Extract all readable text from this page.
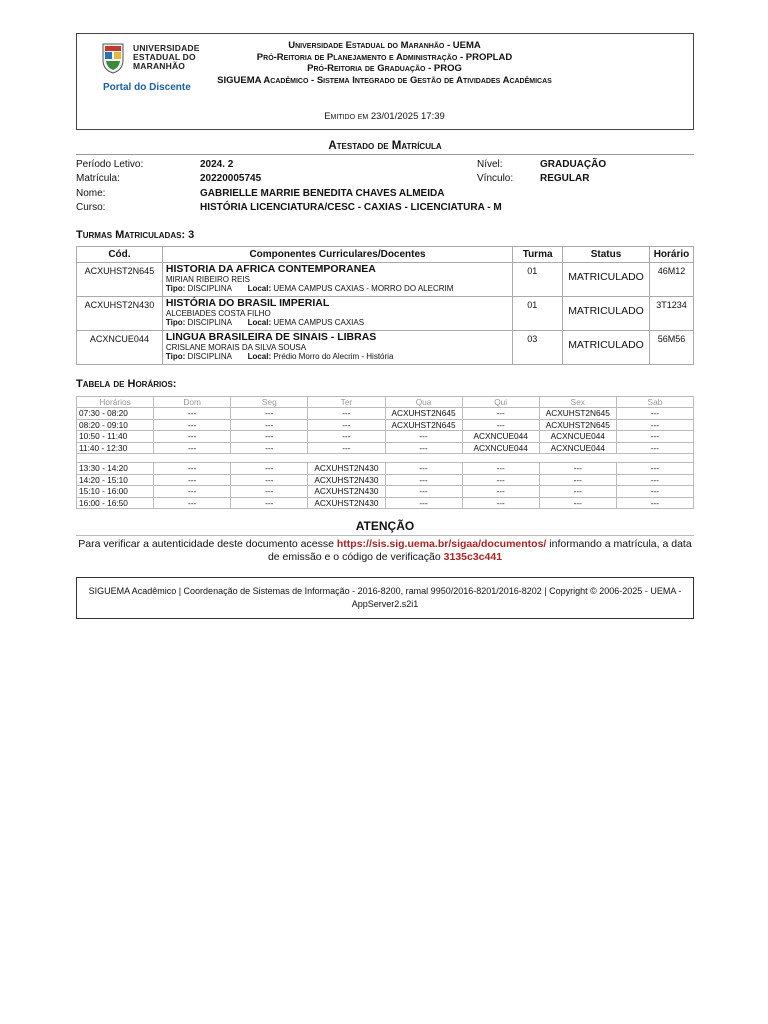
UNIVERSIDADE
ESTADUAL DO
MARANHÃO
Portal do Discente
Universidade Estadual do Maranhão - UEMA
Pró-Reitoria de Planejamento e Administração - PROPLAD
Pró-Reitoria de Graduação - PROG
SIGUEMA Acadêmico - Sistema Integrado de Gestão de Atividades Acadêmicas
Emitido em 23/01/2025 17:39
Atestado de Matrícula
Período Letivo:	2024. 2
Matrícula:	20220005745
Nome:	GABRIELLE MARRIE BENEDITA CHAVES ALMEIDA
Curso:	HISTÓRIA LICENCIATURA/CESC - CAXIAS - LICENCIATURA - M
Nível:	GRADUAÇÃO
Vínculo:	REGULAR
Turmas Matriculadas: 3
Cód.	Componentes Curriculares/Docentes	Turma	Status	Horário
ACXUHST2N645	HISTORIA DA AFRICA CONTEMPORANEA
MIRIAN RIBEIRO REIS
Tipo: DISCIPLINA Local: UEMA CAMPUS CAXIAS - MORRO DO ALECRIM	01	MATRICULADO	46M12
ACXUHST2N430	HISTÓRIA DO BRASIL IMPERIAL
ALCEBIADES COSTA FILHO
Tipo: DISCIPLINA Local: UEMA CAMPUS CAXIAS	01	MATRICULADO	3T1234
ACXNCUE044	LINGUA BRASILEIRA DE SINAIS - LIBRAS
CRISLANE MORAIS DA SILVA SOUSA
Tipo: DISCIPLINA Local: Prédio Morro do Alecrim - História	03	MATRICULADO	56M56
Tabela de Horários:
Horários	Dom	Seg	Ter	Qua	Qui	Sex	Sab
07:30 - 08:20	---	---	---	ACXUHST2N645	---	ACXUHST2N645	---
08:20 - 09:10	---	---	---	ACXUHST2N645	---	ACXUHST2N645	---
10:50 - 11:40	---	---	---	---	ACXNCUE044	ACXNCUE044	---
11:40 - 12:30	---	---	---	---	ACXNCUE044	ACXNCUE044	---

13:30 - 14:20	---	---	ACXUHST2N430	---	---	---	---
14:20 - 15:10	---	---	ACXUHST2N430	---	---	---	---
15:10 - 16:00	---	---	ACXUHST2N430	---	---	---	---
16:00 - 16:50	---	---	ACXUHST2N430	---	---	---	---
ATENÇÃO
Para verificar a autenticidade deste documento acesse https://sis.sig.uema.br/sigaa/documentos/ informando a matrícula, a data de emissão e o código de verificação 3135c3c441
SIGUEMA Acadêmico | Coordenação de Sistemas de Informação - 2016-8200, ramal 9950/2016-8201/2016-8202 | Copyright © 2006-2025 - UEMA - AppServer2.s2i1
